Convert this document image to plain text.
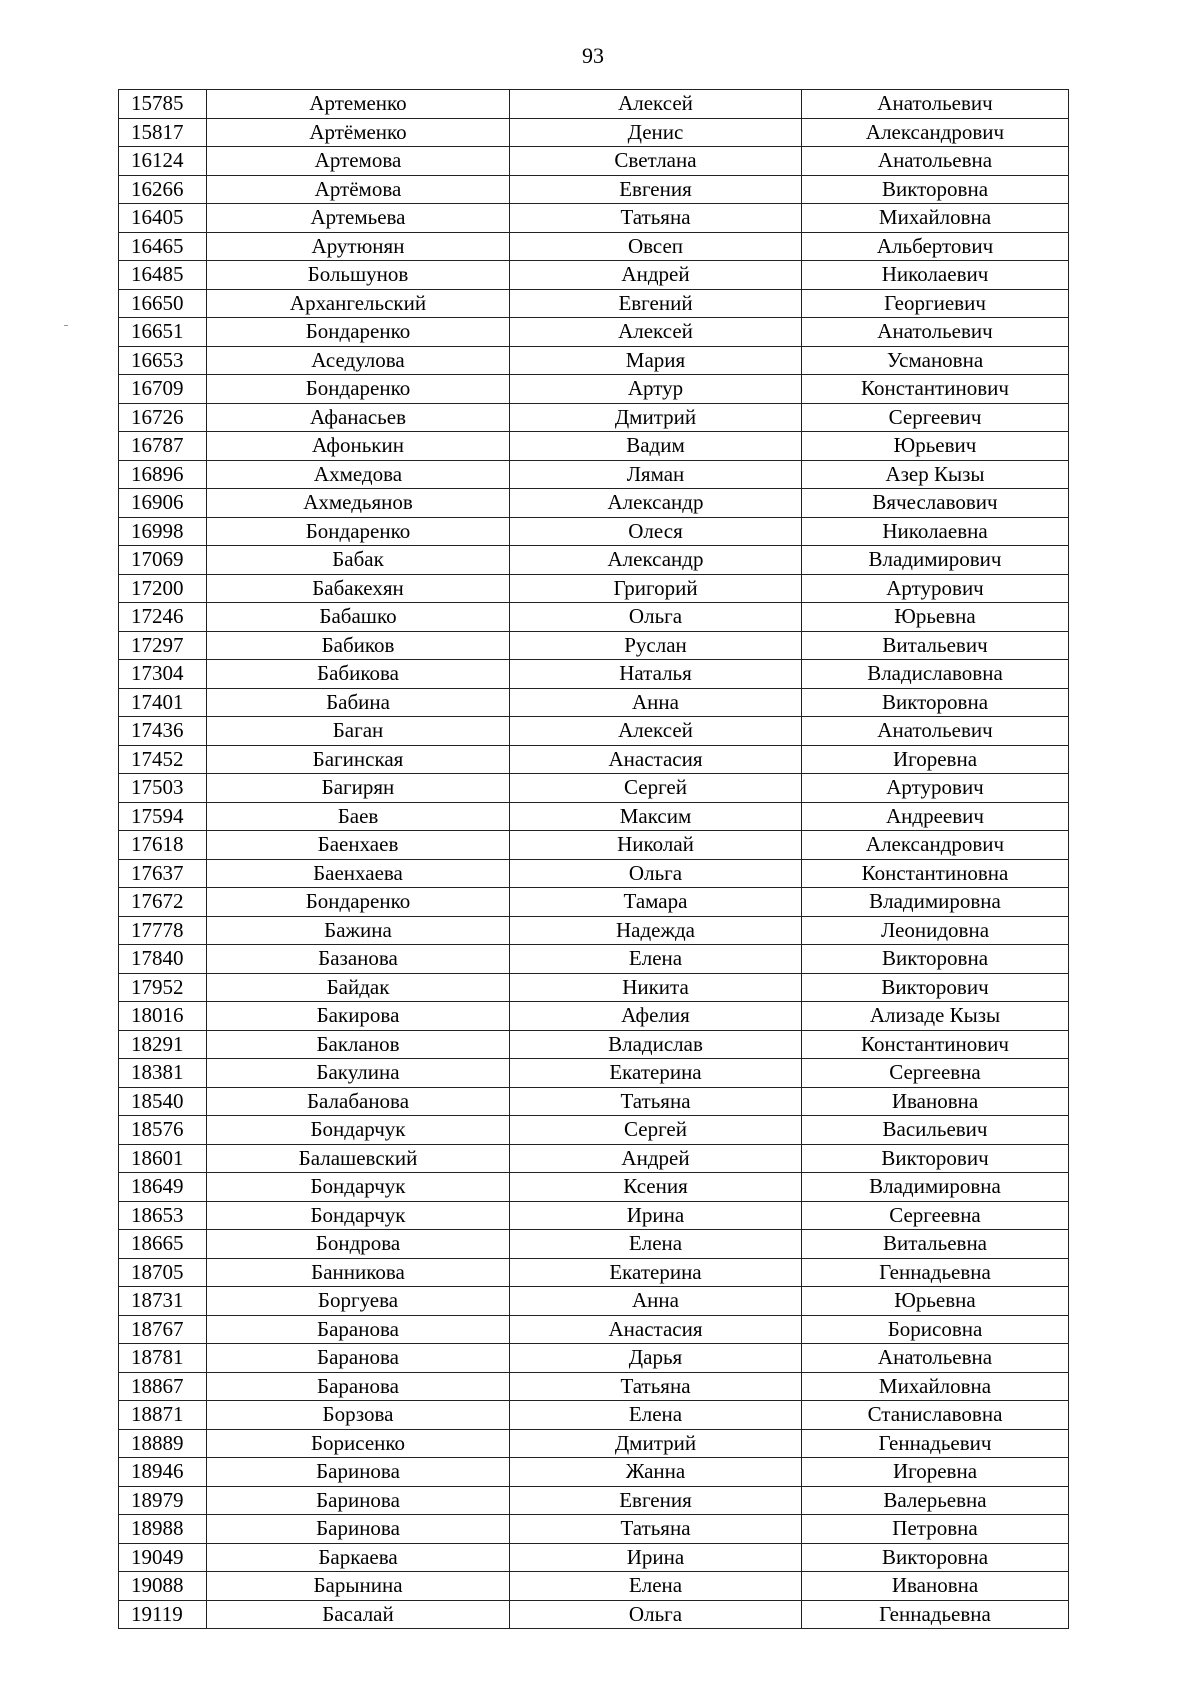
93
15785	Артеменко	Алексей	Анатольевич
15817	Артёменко	Денис	Александрович
16124	Артемова	Светлана	Анатольевна
16266	Артёмова	Евгения	Викторовна
16405	Артемьева	Татьяна	Михайловна
16465	Арутюнян	Овсеп	Альбертович
16485	Большунов	Андрей	Николаевич
16650	Архангельский	Евгений	Георгиевич
16651	Бондаренко	Алексей	Анатольевич
16653	Аседулова	Мария	Усмановна
16709	Бондаренко	Артур	Константинович
16726	Афанасьев	Дмитрий	Сергеевич
16787	Афонькин	Вадим	Юрьевич
16896	Ахмедова	Ляман	Азер Кызы
16906	Ахмедьянов	Александр	Вячеславович
16998	Бондаренко	Олеся	Николаевна
17069	Бабак	Александр	Владимирович
17200	Бабакехян	Григорий	Артурович
17246	Бабашко	Ольга	Юрьевна
17297	Бабиков	Руслан	Витальевич
17304	Бабикова	Наталья	Владиславовна
17401	Бабина	Анна	Викторовна
17436	Баган	Алексей	Анатольевич
17452	Багинская	Анастасия	Игоревна
17503	Багирян	Сергей	Артурович
17594	Баев	Максим	Андреевич
17618	Баенхаев	Николай	Александрович
17637	Баенхаева	Ольга	Константиновна
17672	Бондаренко	Тамара	Владимировна
17778	Бажина	Надежда	Леонидовна
17840	Базанова	Елена	Викторовна
17952	Байдак	Никита	Викторович
18016	Бакирова	Афелия	Ализаде Кызы
18291	Бакланов	Владислав	Константинович
18381	Бакулина	Екатерина	Сергеевна
18540	Балабанова	Татьяна	Ивановна
18576	Бондарчук	Сергей	Васильевич
18601	Балашевский	Андрей	Викторович
18649	Бондарчук	Ксения	Владимировна
18653	Бондарчук	Ирина	Сергеевна
18665	Бондрова	Елена	Витальевна
18705	Банникова	Екатерина	Геннадьевна
18731	Боргуева	Анна	Юрьевна
18767	Баранова	Анастасия	Борисовна
18781	Баранова	Дарья	Анатольевна
18867	Баранова	Татьяна	Михайловна
18871	Борзова	Елена	Станиславовна
18889	Борисенко	Дмитрий	Геннадьевич
18946	Баринова	Жанна	Игоревна
18979	Баринова	Евгения	Валерьевна
18988	Баринова	Татьяна	Петровна
19049	Баркаева	Ирина	Викторовна
19088	Барынина	Елена	Ивановна
19119	Басалай	Ольга	Геннадьевна
